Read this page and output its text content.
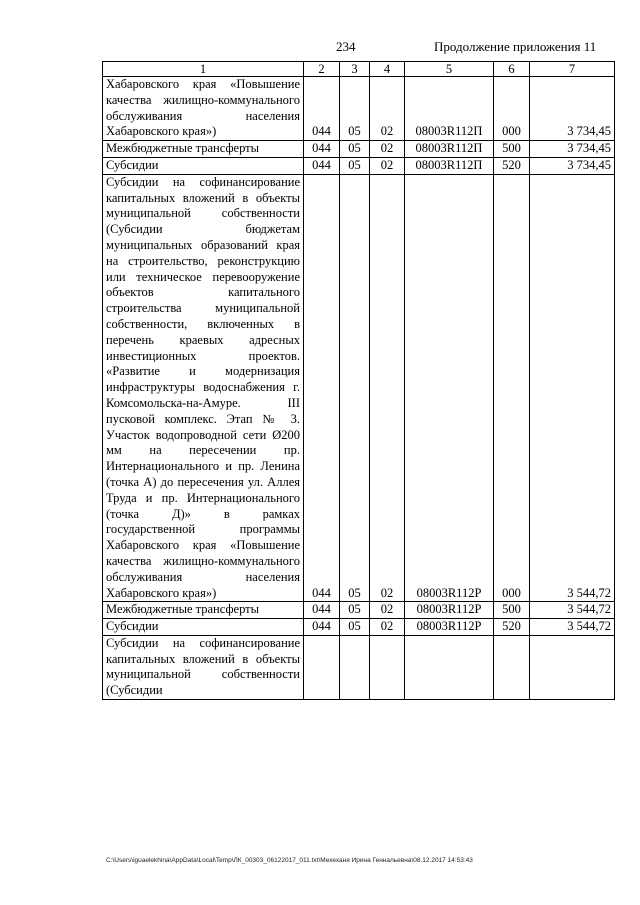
234	Продолжение приложения 11
1	2	3	4	5	6	7
Хабаровского края «Повышение качества жилищно-коммунального обслуживания населения Хабаровского края»)	044	05	02	08003R112П	000	3 734,45
Межбюджетные трансферты	044	05	02	08003R112П	500	3 734,45
Субсидии	044	05	02	08003R112П	520	3 734,45
Субсидии на софинансирование капитальных вложений в объекты муниципальной собственности (Субсидии бюджетам муниципальных образований края на строительство, реконструкцию или техническое перевооружение объектов капитального строительства муниципальной собственности, включенных в перечень краевых адресных инвестиционных проектов. «Развитие и модернизация инфраструктуры водоснабжения г. Комсомольска-на-Амуре. III пусковой комплекс. Этап № 3. Участок водопроводной сети Ø200 мм на пересечении пр. Интернационального и пр. Ленина (точка А) до пересечения ул. Аллея Труда и пр. Интернационального (точка Д)» в рамках государственной программы Хабаровского края «Повышение качества жилищно-коммунального обслуживания населения Хабаровского края»)	044	05	02	08003R112Р	000	3 544,72
Межбюджетные трансферты	044	05	02	08003R112Р	500	3 544,72
Субсидии	044	05	02	08003R112Р	520	3 544,72
Субсидии на софинансирование капитальных вложений в объекты муниципальной собственности (Субсидии						
C:\Users\iguaelekhina\AppData\Local\Temp\ЛК_00303_06122017_011.txt\Мехеханя Ирина Геннальевна\08.12.2017 14:53:43
